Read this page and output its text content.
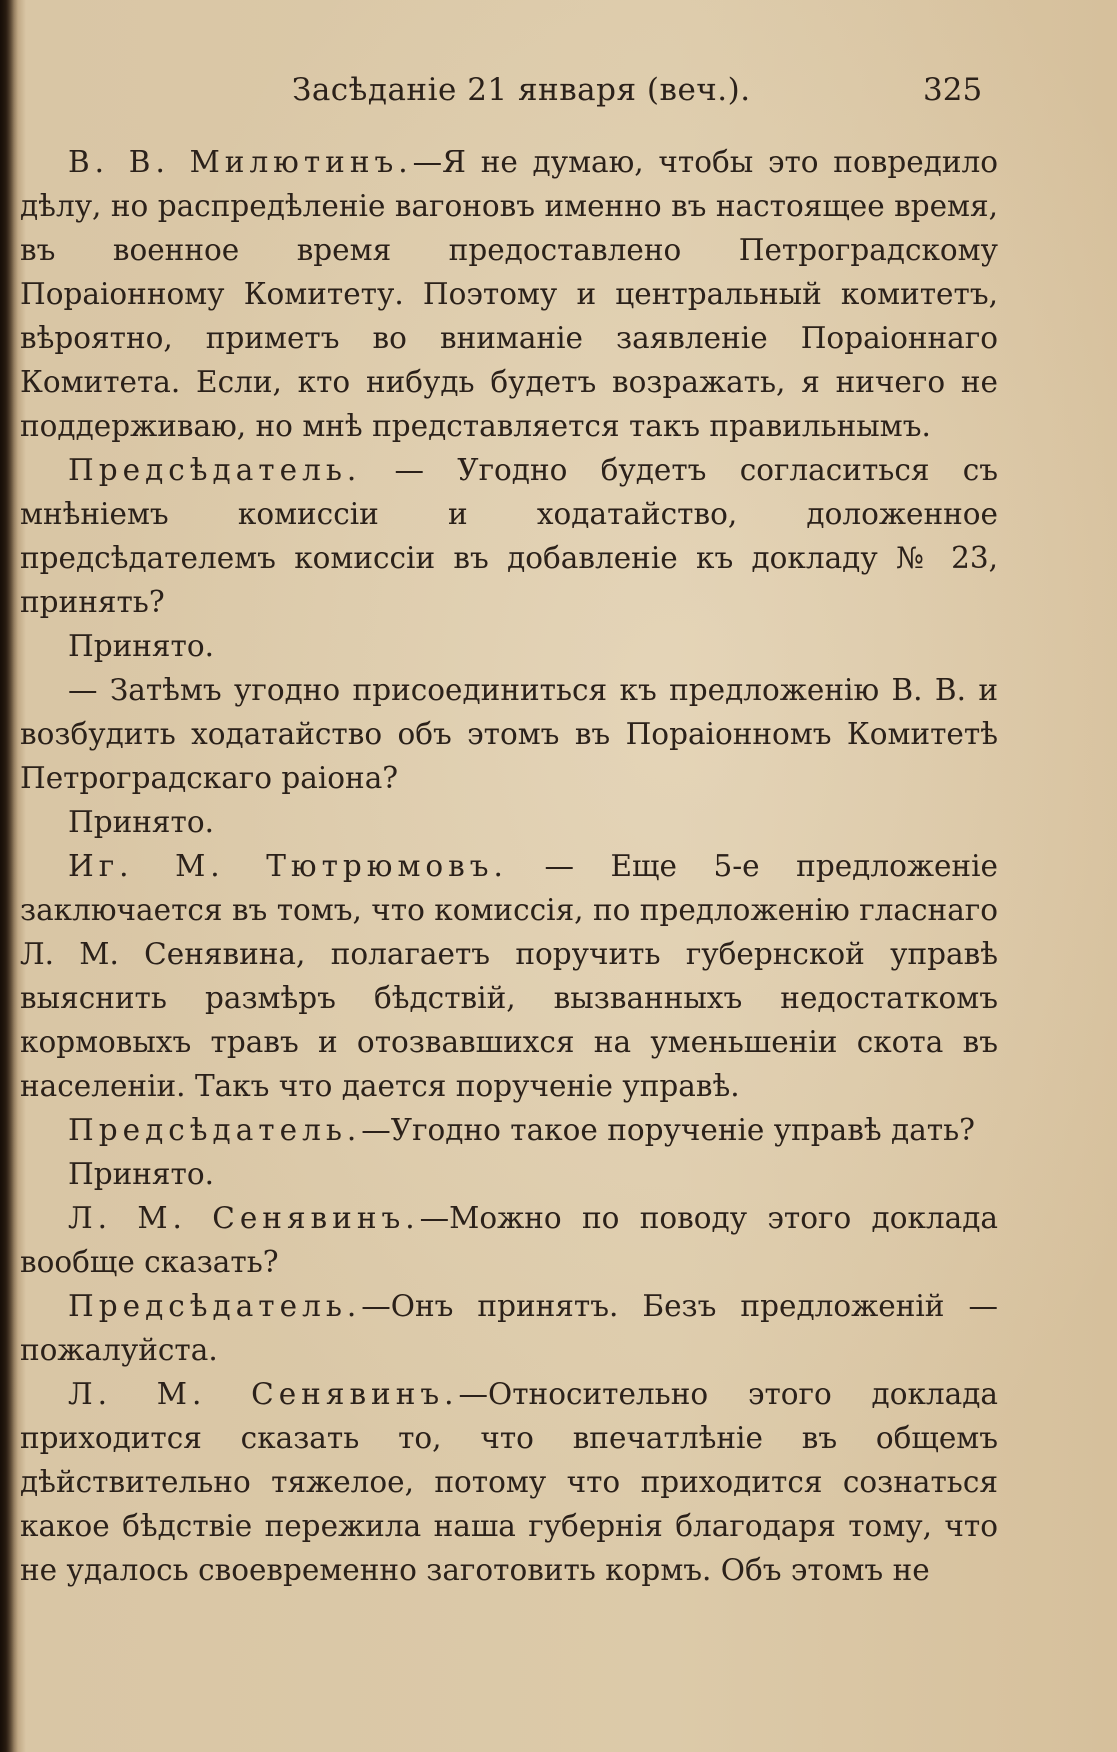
Засѣданіе 21 января (веч.).	325

В. В. Милютинъ.—Я не думаю, чтобы это повредило дѣлу, но распредѣленіе вагоновъ именно въ настоящее время, въ военное время предоставлено Петроградскому Пораіонному Комитету. Поэтому и центральный комитетъ, вѣроятно, приметъ во вниманіе заявленіе Пораіоннаго Комитета. Если, кто нибудь будетъ возражать, я ничего не поддерживаю, но мнѣ представляется такъ правильнымъ.

Предсѣдатель. — Угодно будетъ согласиться съ мнѣніемъ комиссіи и ходатайство, доложенное предсѣдателемъ комиссіи въ добавленіе къ докладу № 23, принять?

Принято.

— Затѣмъ угодно присоединиться къ предложенію В. В. и возбудить ходатайство объ этомъ въ Пораіонномъ Комитетѣ Петроградскаго раіона?

Принято.

Иг. М. Тютрюмовъ. — Еще 5-е предложеніе заключается въ томъ, что комиссія, по предложенію гласнаго Л. М. Сенявина, полагаетъ поручить губернской управѣ выяснить размѣръ бѣдствій, вызванныхъ недостаткомъ кормовыхъ травъ и отозвавшихся на уменьшеніи скота въ населеніи. Такъ что дается порученіе управѣ.

Предсѣдатель.—Угодно такое порученіе управѣ дать?

Принято.

Л. М. Сенявинъ.—Можно по поводу этого доклада вообще сказать?

Предсѣдатель.—Онъ принятъ. Безъ предложеній —пожалуйста.

Л. М. Сенявинъ.—Относительно этого доклада приходится сказать то, что впечатлѣніе въ общемъ дѣйствительно тяжелое, потому что приходится сознаться какое бѣдствіе пережила наша губернія благодаря тому, что не удалось своевременно заготовить кормъ. Объ этомъ не
